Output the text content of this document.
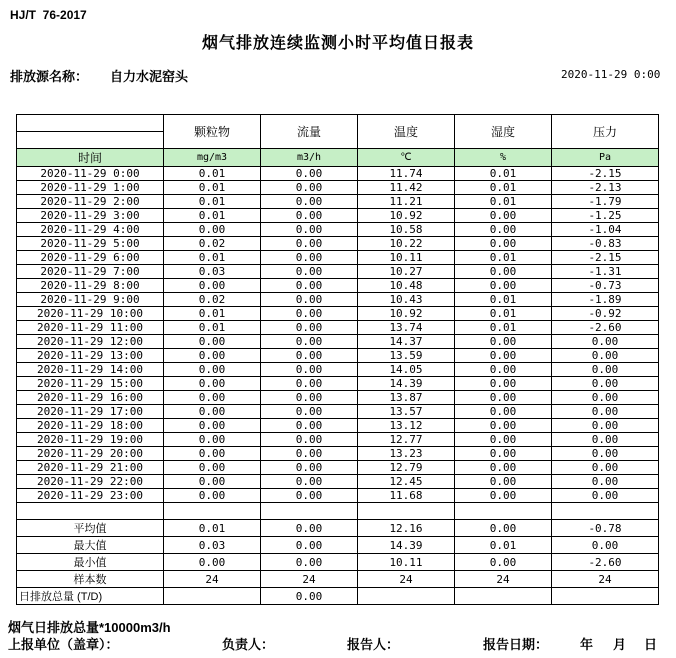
HJ/T  76-2017
烟气排放连续监测小时平均值日报表
排放源名称： 自力水泥窑头	2020-11-29 0:00
	颗粒物	流量	温度	湿度	压力

时间	mg/m3	m3/h	℃	%	Pa
2020-11-29 0:00	0.01	0.00	11.74	0.01	-2.15
2020-11-29 1:00	0.01	0.00	11.42	0.01	-2.13
2020-11-29 2:00	0.01	0.00	11.21	0.01	-1.79
2020-11-29 3:00	0.01	0.00	10.92	0.00	-1.25
2020-11-29 4:00	0.00	0.00	10.58	0.00	-1.04
2020-11-29 5:00	0.02	0.00	10.22	0.00	-0.83
2020-11-29 6:00	0.01	0.00	10.11	0.01	-2.15
2020-11-29 7:00	0.03	0.00	10.27	0.00	-1.31
2020-11-29 8:00	0.00	0.00	10.48	0.00	-0.73
2020-11-29 9:00	0.02	0.00	10.43	0.01	-1.89
2020-11-29 10:00	0.01	0.00	10.92	0.01	-0.92
2020-11-29 11:00	0.01	0.00	13.74	0.01	-2.60
2020-11-29 12:00	0.00	0.00	14.37	0.00	0.00
2020-11-29 13:00	0.00	0.00	13.59	0.00	0.00
2020-11-29 14:00	0.00	0.00	14.05	0.00	0.00
2020-11-29 15:00	0.00	0.00	14.39	0.00	0.00
2020-11-29 16:00	0.00	0.00	13.87	0.00	0.00
2020-11-29 17:00	0.00	0.00	13.57	0.00	0.00
2020-11-29 18:00	0.00	0.00	13.12	0.00	0.00
2020-11-29 19:00	0.00	0.00	12.77	0.00	0.00
2020-11-29 20:00	0.00	0.00	13.23	0.00	0.00
2020-11-29 21:00	0.00	0.00	12.79	0.00	0.00
2020-11-29 22:00	0.00	0.00	12.45	0.00	0.00
2020-11-29 23:00	0.00	0.00	11.68	0.00	0.00

平均值	0.01	0.00	12.16	0.00	-0.78
最大值	0.03	0.00	14.39	0.01	0.00
最小值	0.00	0.00	10.11	0.00	-2.60
样本数	24	24	24	24	24
日排放总量 (T/D)		0.00			
烟气日排放总量*10000m3/h
上报单位（盖章）：	负责人：	报告人：	报告日期： 年 月 日
